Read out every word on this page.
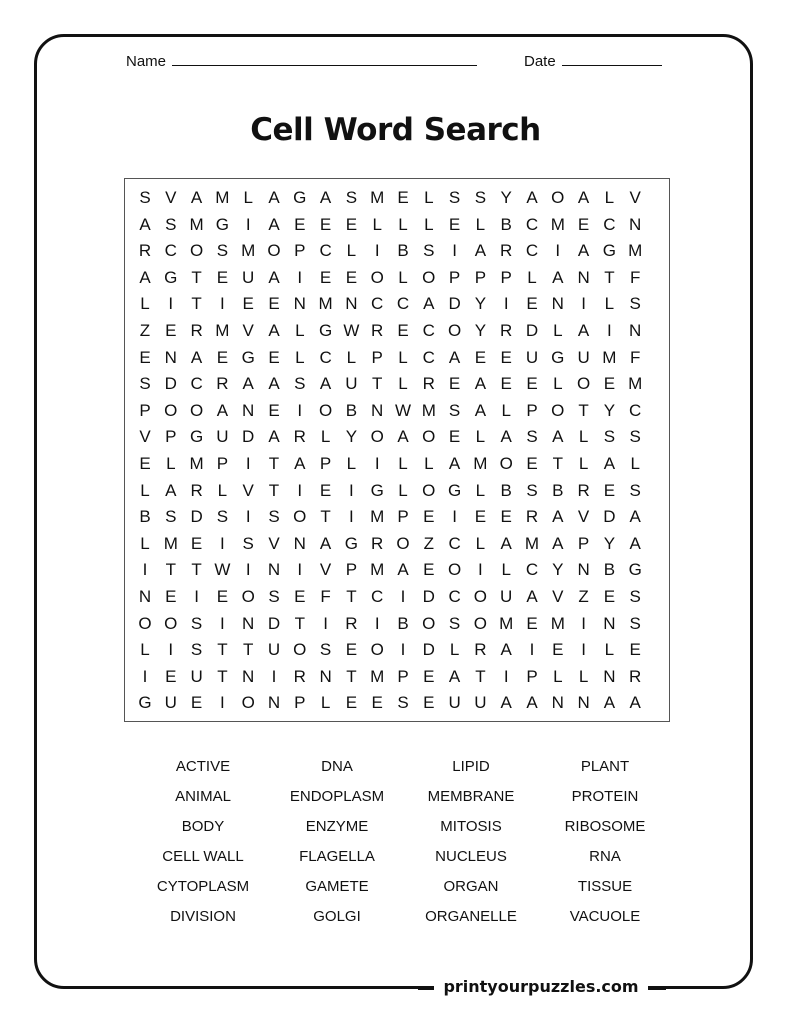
Name	Date
Cell Word Search
S V A M L A G A S M E L S S Y A O A L V
A S M G I	A E E E L L L E L B C M E C N
R C O S M O P C L	I	B S	I	A R C	I	A G M
A G T E U A	I	E E O L O P P P L A N T F
L	I	T	I	E E N M N C C A D Y	I	E N	I	L S
Z E R M V A L G W R E C O Y R D L A	I	N
E N A E G E L C L P L C A E E U G U M F
S D C R A A S A U T L R E A E E L O E M
P O O A N E	I O B N W M S A L P O T Y C
V P G U D A R L Y O A O E L A S A L S S
E L M P	I	T A P L	I	L L A M O E T L A L
L A R L V T	I	E	I G L O G L B S B R E S
B S D S	I	S O T	I M P E	I	E E R A V D A
L M E	I	S V N A G R O Z C L A M A P Y A
I	T T W I	N	I	V P M A E O I	L C Y N B G
N E	I	E O S E F T C	I	D C O U A V Z E S
O O S	I	N D T	I	R	I	B O S O M E M I	N S
L	I	S T T U O S E O I	D L R A	I	E	I	L E
I	E U T N	I	R N T M P E A T	I	P L L N R
G U E	I O N P L E E S E U U A A N N A A
ACTIVE	DNA	LIPID	PLANT
ANIMAL	ENDOPLASM	MEMBRANE	PROTEIN
BODY	ENZYME	MITOSIS	RIBOSOME
CELL WALL	FLAGELLA	NUCLEUS	RNA
CYTOPLASM	GAMETE	ORGAN	TISSUE
DIVISION	GOLGI	ORGANELLE	VACUOLE
printyourpuzzles.com
